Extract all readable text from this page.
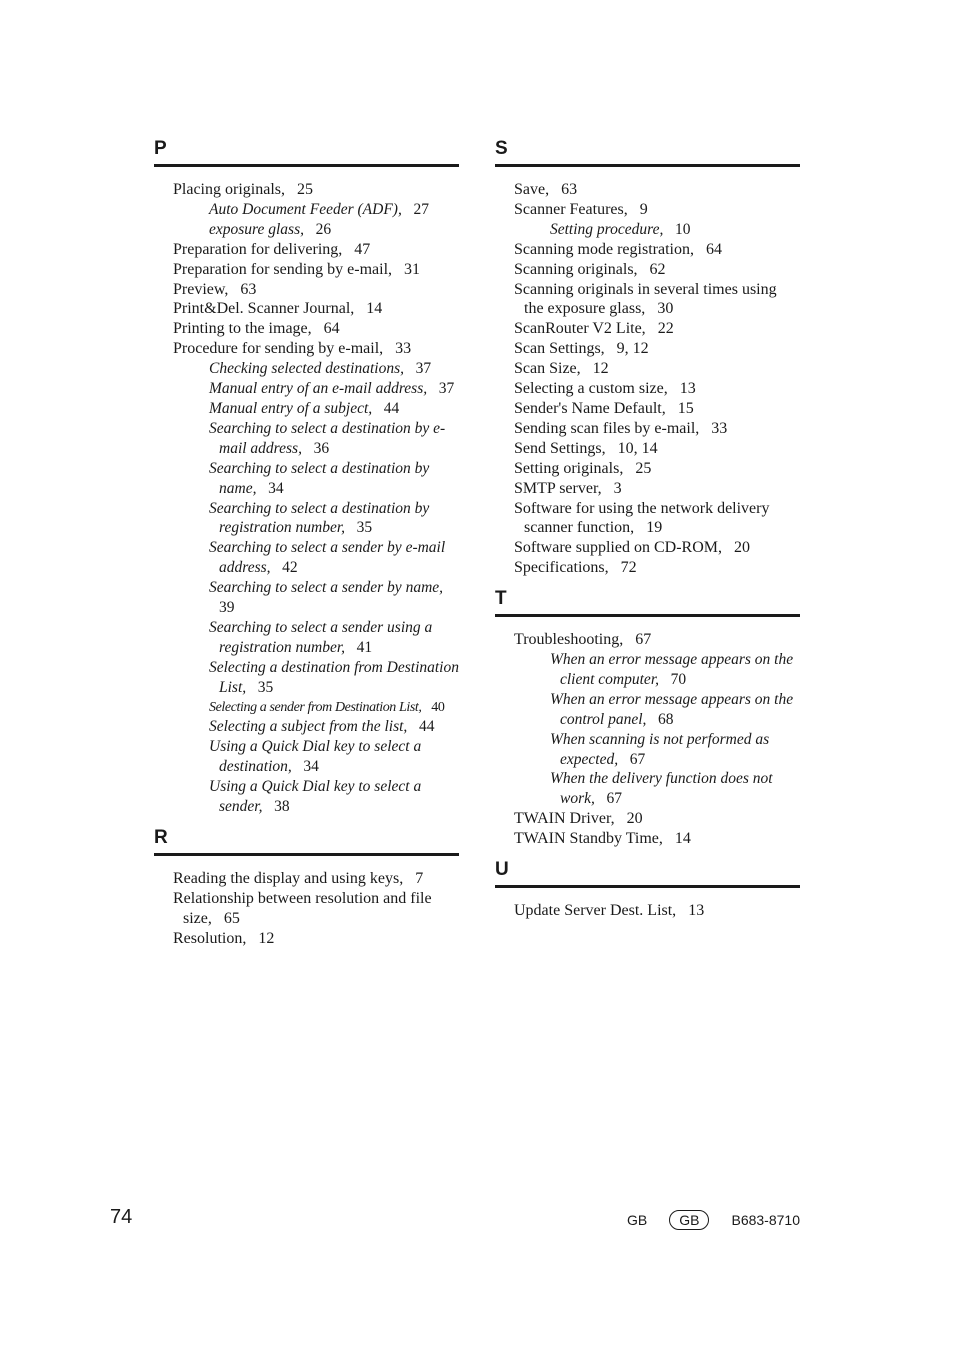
P
Placing originals,  25
Auto Document Feeder (ADF),  27
exposure glass,  26
Preparation for delivering,  47
Preparation for sending by e-mail,  31
Preview,  63
Print&Del. Scanner Journal,  14
Printing to the image,  64
Procedure for sending by e-mail,  33
Checking selected destinations,  37
Manual entry of an e-mail address,  37
Manual entry of a subject,  44
Searching to select a destination by e-mail address,  36
Searching to select a destination by name,  34
Searching to select a destination by registration number,  35
Searching to select a sender by e-mail address,  42
Searching to select a sender by name,  39
Searching to select a sender using a registration number,  41
Selecting a destination from Destination List,  35
Selecting a sender from Destination List,  40
Selecting a subject from the list,  44
Using a Quick Dial key to select a destination,  34
Using a Quick Dial key to select a sender,  38
R
Reading the display and using keys,  7
Relationship between resolution and file size,  65
Resolution,  12
S
Save,  63
Scanner Features,  9
Setting procedure,  10
Scanning mode registration,  64
Scanning originals,  62
Scanning originals in several times using the exposure glass,  30
ScanRouter V2 Lite,  22
Scan Settings,  9, 12
Scan Size,  12
Selecting a custom size,  13
Sender's Name Default,  15
Sending scan files by e-mail,  33
Send Settings,  10, 14
Setting originals,  25
SMTP server,  3
Software for using the network delivery scanner function,  19
Software supplied on CD-ROM,  20
Specifications,  72
T
Troubleshooting,  67
When an error message appears on the client computer,  70
When an error message appears on the control panel,  68
When scanning is not performed as expected,  67
When the delivery function does not work,  67
TWAIN Driver,  20
TWAIN Standby Time,  14
U
Update Server Dest. List,  13
74	GB	GB	B683-8710
